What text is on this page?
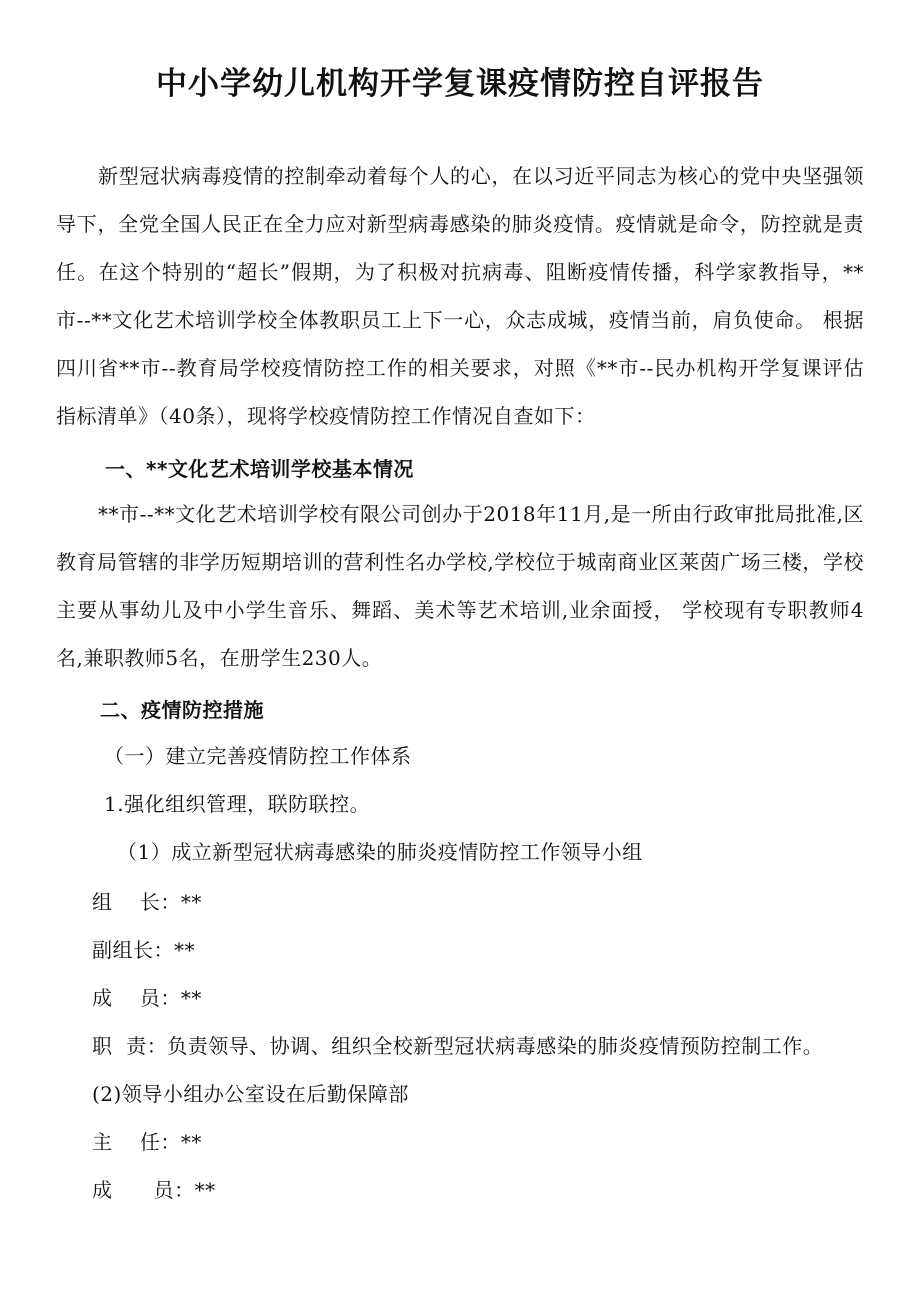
中小学幼儿机构开学复课疫情防控自评报告
新型冠状病毒疫情的控制牵动着每个人的心，在以习近平同志为核心的党中央坚强领导下，全党全国人民正在全力应对新型病毒感染的肺炎疫情。疫情就是命令，防控就是责任。在这个特别的“超长”假期，为了积极对抗病毒、阻断疫情传播，科学家教指导，**市--**文化艺术培训学校全体教职员工上下一心，众志成城，疫情当前，肩负使命。 根据四川省**市--教育局学校疫情防控工作的相关要求，对照《**市--民办机构开学复课评估指标清单》（40条），现将学校疫情防控工作情况自查如下：
一、**文化艺术培训学校基本情况
**市--**文化艺术培训学校有限公司创办于2018年11月,是一所由行政审批局批准,区教育局管辖的非学历短期培训的营利性名办学校,学校位于城南商业区莱茵广场三楼，学校主要从事幼儿及中小学生音乐、舞蹈、美术等艺术培训,业余面授， 学校现有专职教师4名,兼职教师5名，在册学生230人。
二、疫情防控措施
（一）建立完善疫情防控工作体系
1.强化组织管理，联防联控。
（1）成立新型冠状病毒感染的肺炎疫情防控工作领导小组
组    长：**
副组长：**
成    员：**
职  责：负责领导、协调、组织全校新型冠状病毒感染的肺炎疫情预防控制工作。
(2)领导小组办公室设在后勤保障部
主    任：**
成      员：**
